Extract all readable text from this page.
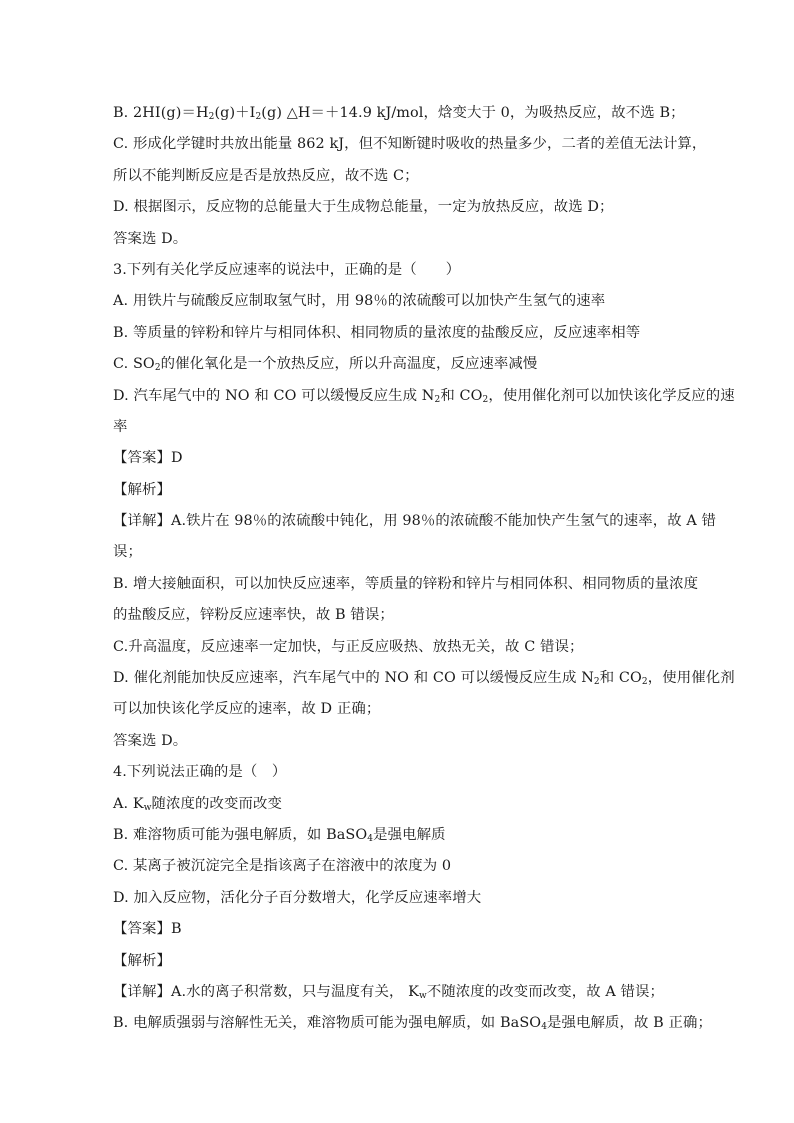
B. $2HI(g)=H_2(g)+I_2(g)$ △H＝＋14.9 kJ/mol，焓变大于 0，为吸热反应，故不选 B；
C. 形成化学键时共放出能量 862 kJ，但不知断键时吸收的热量多少，二者的差值无法计算，
所以不能判断反应是否是放热反应，故不选 C；
D. 根据图示，反应物的总能量大于生成物总能量，一定为放热反应，故选 D；
答案选 D。
3.下列有关化学反应速率的说法中，正确的是（　　）
A. 用铁片与硫酸反应制取氢气时，用 98％的浓硫酸可以加快产生氢气的速率
B. 等质量的锌粉和锌片与相同体积、相同物质的量浓度的盐酸反应，反应速率相等
C. $SO_2$的催化氧化是一个放热反应，所以升高温度，反应速率减慢
D. 汽车尾气中的 NO 和 CO 可以缓慢反应生成 $N_2$和 $CO_2$，使用催化剂可以加快该化学反应的速
率
【答案】D
【解析】
【详解】A.铁片在 98％的浓硫酸中钝化，用 98％的浓硫酸不能加快产生氢气的速率，故 A 错
误；
B. 增大接触面积，可以加快反应速率，等质量的锌粉和锌片与相同体积、相同物质的量浓度
的盐酸反应，锌粉反应速率快，故 B 错误；
C.升高温度，反应速率一定加快，与正反应吸热、放热无关，故 C 错误；
D. 催化剂能加快反应速率，汽车尾气中的 NO 和 CO 可以缓慢反应生成 $N_2$和 $CO_2$，使用催化剂
可以加快该化学反应的速率，故 D 正确；
答案选 D。
4.下列说法正确的是（　）
A. $K_w$随浓度的改变而改变
B. 难溶物质可能为强电解质，如 BaSO$_4$是强电解质
C. 某离子被沉淀完全是指该离子在溶液中的浓度为 0
D. 加入反应物，活化分子百分数增大，化学反应速率增大
【答案】B
【解析】
【详解】A.水的离子积常数，只与温度有关， $K_w$不随浓度的改变而改变，故 A 错误；
B. 电解质强弱与溶解性无关，难溶物质可能为强电解质，如 BaSO$_4$是强电解质，故 B 正确；
